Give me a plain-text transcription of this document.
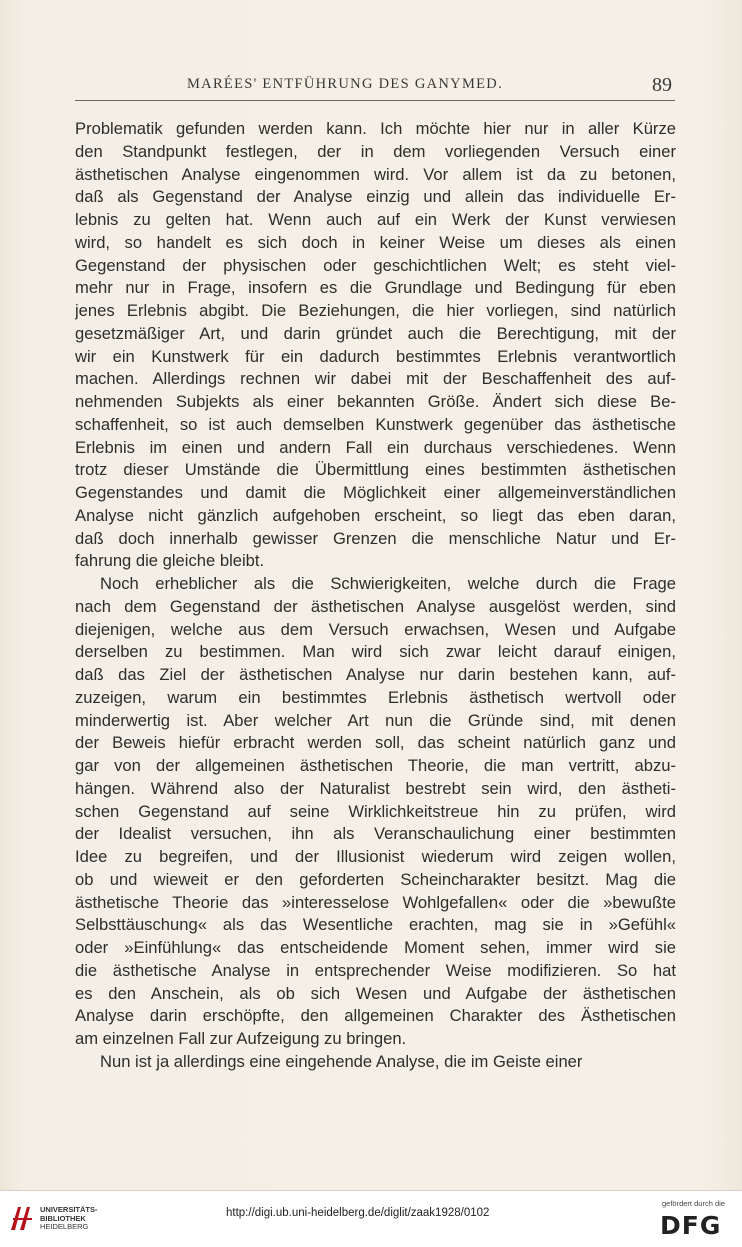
MARÉES' ENTFÜHRUNG DES GANYMED.	89
Problematik gefunden werden kann. Ich möchte hier nur in aller Kürze
den Standpunkt festlegen, der in dem vorliegenden Versuch einer
ästhetischen Analyse eingenommen wird. Vor allem ist da zu betonen,
daß als Gegenstand der Analyse einzig und allein das individuelle Er-
lebnis zu gelten hat. Wenn auch auf ein Werk der Kunst verwiesen
wird, so handelt es sich doch in keiner Weise um dieses als einen
Gegenstand der physischen oder geschichtlichen Welt; es steht viel-
mehr nur in Frage, insofern es die Grundlage und Bedingung für eben
jenes Erlebnis abgibt. Die Beziehungen, die hier vorliegen, sind natürlich
gesetzmäßiger Art, und darin gründet auch die Berechtigung, mit der
wir ein Kunstwerk für ein dadurch bestimmtes Erlebnis verantwortlich
machen. Allerdings rechnen wir dabei mit der Beschaffenheit des auf-
nehmenden Subjekts als einer bekannten Größe. Ändert sich diese Be-
schaffenheit, so ist auch demselben Kunstwerk gegenüber das ästhetische
Erlebnis im einen und andern Fall ein durchaus verschiedenes. Wenn
trotz dieser Umstände die Übermittlung eines bestimmten ästhetischen
Gegenstandes und damit die Möglichkeit einer allgemeinverständlichen
Analyse nicht gänzlich aufgehoben erscheint, so liegt das eben daran,
daß doch innerhalb gewisser Grenzen die menschliche Natur und Er-
fahrung die gleiche bleibt.
Noch erheblicher als die Schwierigkeiten, welche durch die Frage
nach dem Gegenstand der ästhetischen Analyse ausgelöst werden, sind
diejenigen, welche aus dem Versuch erwachsen, Wesen und Aufgabe
derselben zu bestimmen. Man wird sich zwar leicht darauf einigen,
daß das Ziel der ästhetischen Analyse nur darin bestehen kann, auf-
zuzeigen, warum ein bestimmtes Erlebnis ästhetisch wertvoll oder
minderwertig ist. Aber welcher Art nun die Gründe sind, mit denen
der Beweis hiefür erbracht werden soll, das scheint natürlich ganz und
gar von der allgemeinen ästhetischen Theorie, die man vertritt, abzu-
hängen. Während also der Naturalist bestrebt sein wird, den ästheti-
schen Gegenstand auf seine Wirklichkeitstreue hin zu prüfen, wird
der Idealist versuchen, ihn als Veranschaulichung einer bestimmten
Idee zu begreifen, und der Illusionist wiederum wird zeigen wollen,
ob und wieweit er den geforderten Scheincharakter besitzt. Mag die
ästhetische Theorie das »interesselose Wohlgefallen« oder die »bewußte
Selbsttäuschung« als das Wesentliche erachten, mag sie in »Gefühl«
oder »Einfühlung« das entscheidende Moment sehen, immer wird sie
die ästhetische Analyse in entsprechender Weise modifizieren. So hat
es den Anschein, als ob sich Wesen und Aufgabe der ästhetischen
Analyse darin erschöpfte, den allgemeinen Charakter des Ästhetischen
am einzelnen Fall zur Aufzeigung zu bringen.
Nun ist ja allerdings eine eingehende Analyse, die im Geiste einer
UNIVERSITÄTS-
BIBLIOTHEK
HEIDELBERG
http://digi.ub.uni-heidelberg.de/diglit/zaak1928/0102
gefördert durch die
DFG
